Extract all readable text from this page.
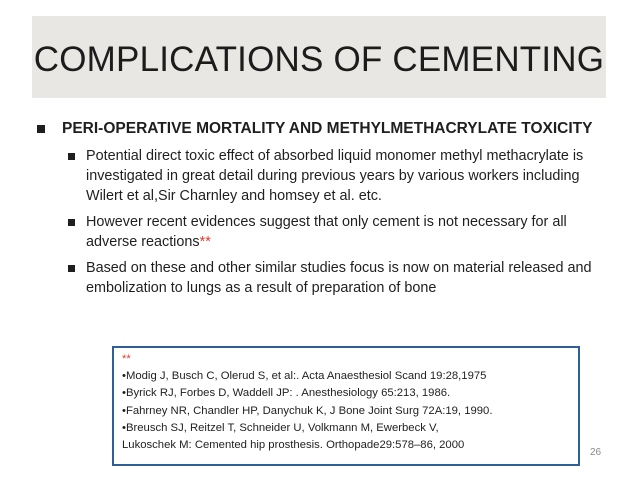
COMPLICATIONS OF CEMENTING
PERI-OPERATIVE MORTALITY AND METHYLMETHACRYLATE TOXICITY
Potential direct toxic effect of absorbed liquid monomer methyl methacrylate is investigated in great detail during previous years by various workers including Wilert et al,Sir Charnley and homsey et al. etc.
However recent evidences suggest that only cement is not necessary for all adverse reactions**
Based on these and other similar studies focus is now on material released and embolization to lungs as a result of preparation of bone
**
•Modig J, Busch C, Olerud S, et al:. Acta Anaesthesiol Scand 19:28,1975
•Byrick RJ, Forbes D, Waddell JP: . Anesthesiology 65:213, 1986.
•Fahrney NR, Chandler HP, Danychuk K, J Bone Joint Surg 72A:19, 1990.
•Breusch SJ, Reitzel T, Schneider U, Volkmann M, Ewerbeck V,
Lukoschek M: Cemented hip prosthesis. Orthopade29:578–86, 2000
26
